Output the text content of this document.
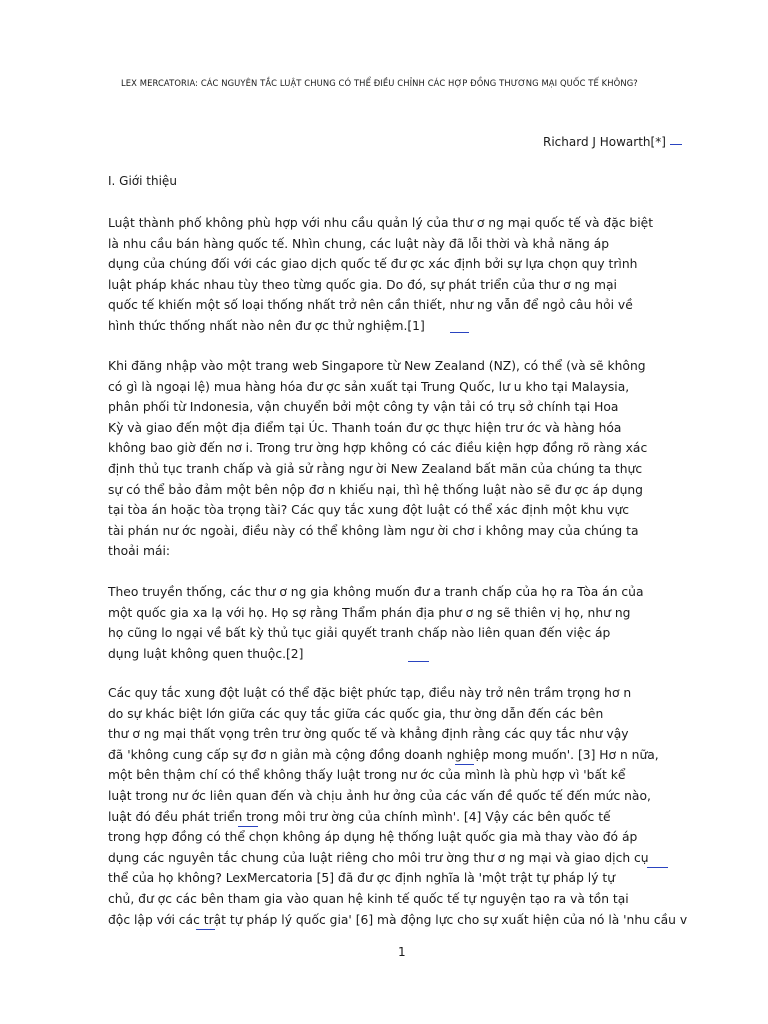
LEX MERCATORIA: CÁC NGUYÊN TẮC LUẬT CHUNG CÓ THỂ ĐIỀU CHỈNH CÁC HỢP ĐỒNG THƯƠNG MẠI QUỐC TẾ KHÔNG?
Richard J Howarth[*]
I. Giới thiệu
Luật thành phố không phù hợp với nhu cầu quản lý của thư ơ ng mại quốc tế và đặc biệt
là nhu cầu bán hàng quốc tế. Nhìn chung, các luật này đã lỗi thời và khả năng áp
dụng của chúng đối với các giao dịch quốc tế đư ợc xác định bởi sự lựa chọn quy trình
luật pháp khác nhau tùy theo từng quốc gia. Do đó, sự phát triển của thư ơ ng mại
quốc tế khiến một số loại thống nhất trở nên cần thiết, như ng vẫn để ngỏ câu hỏi về
hình thức thống nhất nào nên đư ợc thử nghiệm.[1]
Khi đăng nhập vào một trang web Singapore từ New Zealand (NZ), có thể (và sẽ không
có gì là ngoại lệ) mua hàng hóa đư ợc sản xuất tại Trung Quốc, lư u kho tại Malaysia,
phân phối từ Indonesia, vận chuyển bởi một công ty vận tải có trụ sở chính tại Hoa
Kỳ và giao đến một địa điểm tại Úc. Thanh toán đư ợc thực hiện trư ớc và hàng hóa
không bao giờ đến nơ i. Trong trư ờng hợp không có các điều kiện hợp đồng rõ ràng xác
định thủ tục tranh chấp và giả sử rằng ngư ời New Zealand bất mãn của chúng ta thực
sự có thể bảo đảm một bên nộp đơ n khiếu nại, thì hệ thống luật nào sẽ đư ợc áp dụng
tại tòa án hoặc tòa trọng tài? Các quy tắc xung đột luật có thể xác định một khu vực
tài phán nư ớc ngoài, điều này có thể không làm ngư ời chơ i không may của chúng ta
thoải mái:
Theo truyền thống, các thư ơ ng gia không muốn đư a tranh chấp của họ ra Tòa án của
một quốc gia xa lạ với họ. Họ sợ rằng Thẩm phán địa phư ơ ng sẽ thiên vị họ, như ng
họ cũng lo ngại về bất kỳ thủ tục giải quyết tranh chấp nào liên quan đến việc áp
dụng luật không quen thuộc.[2]
Các quy tắc xung đột luật có thể đặc biệt phức tạp, điều này trở nên trầm trọng hơ n
do sự khác biệt lớn giữa các quy tắc giữa các quốc gia, thư ờng dẫn đến các bên
thư ơ ng mại thất vọng trên trư ờng quốc tế và khẳng định rằng các quy tắc như vậy
đã 'không cung cấp sự đơ n giản mà cộng đồng doanh nghiệp mong muốn'. [3] Hơ n nữa,
một bên thậm chí có thể không thấy luật trong nư ớc của mình là phù hợp vì 'bất kể
luật trong nư ớc liên quan đến và chịu ảnh hư ởng của các vấn đề quốc tế đến mức nào,
luật đó đều phát triển trong môi trư ờng của chính mình'. [4] Vậy các bên quốc tế
trong hợp đồng có thể chọn không áp dụng hệ thống luật quốc gia mà thay vào đó áp
dụng các nguyên tắc chung của luật riêng cho môi trư ờng thư ơ ng mại và giao dịch cụ
thể của họ không? LexMercatoria [5] đã đư ợc định nghĩa là 'một trật tự pháp lý tự
chủ, đư ợc các bên tham gia vào quan hệ kinh tế quốc tế tự nguyện tạo ra và tồn tại
độc lập với các trật tự pháp lý quốc gia' [6] mà động lực cho sự xuất hiện của nó là 'nhu cầu v
1
